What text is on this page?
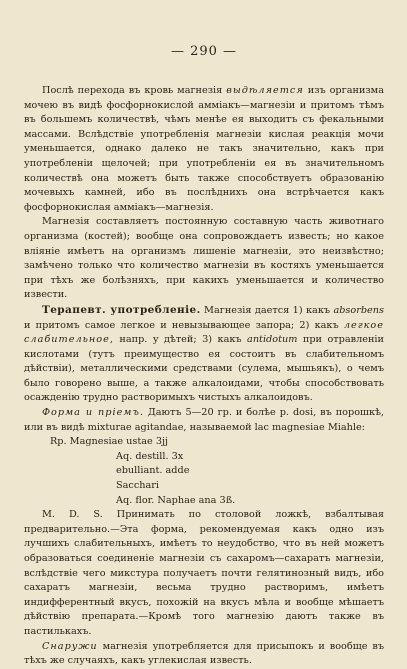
— 290 —

Послѣ перехода въ кровь магнезія выдѣляется изъ организма мочею въ видѣ фосфорнокислой аммiакъ—магнезiи и притомъ тѣмъ въ большемъ количествѣ, чѣмъ менѣе ея выходитъ съ фекальными массами. Вслѣдствiе употребленiя магнезiи кислая реакцiя мочи уменьшается, однако далеко не такъ значительно, какъ при употребленiи щелочей; при употребленiи ея въ значительномъ количествѣ она можетъ быть также способствуетъ образованiю мочевыхъ камней, ибо въ послѣднихъ она встрѣчается какъ фосфорнокислая аммiакъ—магнезiя.

Магнезiя составляетъ постоянную составную часть животнаго организма (костей); вообще она сопровождаетъ известь; но какое влiянiе имѣетъ на организмъ лишенiе магнезiи, это неизвѣстно; замѣчено только что количество магнезiи въ костяхъ уменьшается при тѣхъ же болѣзняхъ, при какихъ уменьшается и количество извести.

Терапевт. употребленiе. Магнезiя дается 1) какъ absorbens и притомъ самое легкое и невызывающее запора; 2) какъ легкое слабительное, напр. у дѣтей; 3) какъ antidotum при отравленiи кислотами (тутъ преимущество ея состоитъ въ слабительномъ дѣйствiи), металлическими средствами (сулема, мышьякъ), о чемъ было говорено выше, а также алкалоидами, чтобы способствовать осажденiю трудно растворимыхъ чистыхъ алкалоидовъ.

Форма и прiемъ. Даютъ 5—20 гр. и болѣе р. dosi, въ порошкѣ, или въ видѣ mixturae agitandae, называемой lac magnesiae Miahle:

Rp. Magnesiae ustae 3jj

Aq. destill. 3x

ebulliant. adde

Sacchari

Aq. flor. Naphae ana 3ß.

M. D. S. Принимать по столовой ложкѣ, взбалтывая предварительно.—Эта форма, рекомендуемая какъ одно изъ лучшихъ слабительныхъ, имѣетъ то неудобство, что въ ней можетъ образоваться соединенiе магнезiи съ сахаромъ—сахаратъ магнезiи, вслѣдствiе чего микстура получаетъ почти гелятинозный видъ, ибо сахаратъ магнезiи, весьма трудно растворимъ, имѣетъ индифферентный вкусъ, похожiй на вкусъ мѣла и вообще мѣшаетъ дѣйствiю препарата.—Кромѣ того магнезiю даютъ также въ пастилькахъ.

Снаружи магнезiя употребляется для присыпокъ и вообще въ тѣхъ же случаяхъ, какъ углекислая известь.
